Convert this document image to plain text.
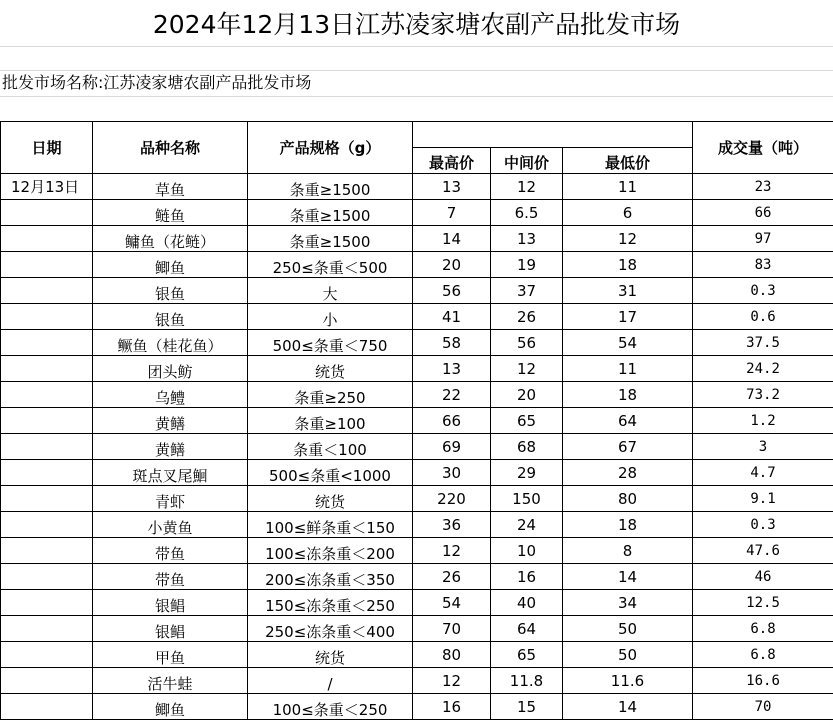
2024年12月13日江苏凌家塘农副产品批发市场
批发市场名称:江苏凌家塘农副产品批发市场
日期	品种名称	产品规格（g）				成交量（吨）
			最高价	中间价	最低价	
12月13日	草鱼	条重≥1500	13	12	11	23
	鲢鱼	条重≥1500	7	6.5	6	66
	鳙鱼（花鲢）	条重≥1500	14	13	12	97
	鲫鱼	250≤条重＜500	20	19	18	83
	银鱼	大	56	37	31	0.3
	银鱼	小	41	26	17	0.6
	鳜鱼（桂花鱼）	500≤条重＜750	58	56	54	37.5
	团头鲂	统货	13	12	11	24.2
	乌鳢	条重≥250	22	20	18	73.2
	黄鳝	条重≥100	66	65	64	1.2
	黄鳝	条重＜100	69	68	67	3
	斑点叉尾鮰	500≤条重<1000	30	29	28	4.7
	青虾	统货	220	150	80	9.1
	小黄鱼	100≤鲜条重＜150	36	24	18	0.3
	带鱼	100≤冻条重＜200	12	10	8	47.6
	带鱼	200≤冻条重＜350	26	16	14	46
	银鲳	150≤冻条重＜250	54	40	34	12.5
	银鲳	250≤冻条重＜400	70	64	50	6.8
	甲鱼	统货	80	65	50	6.8
	活牛蛙	/	12	11.8	11.6	16.6
	鲫鱼	100≤条重＜250	16	15	14	70
